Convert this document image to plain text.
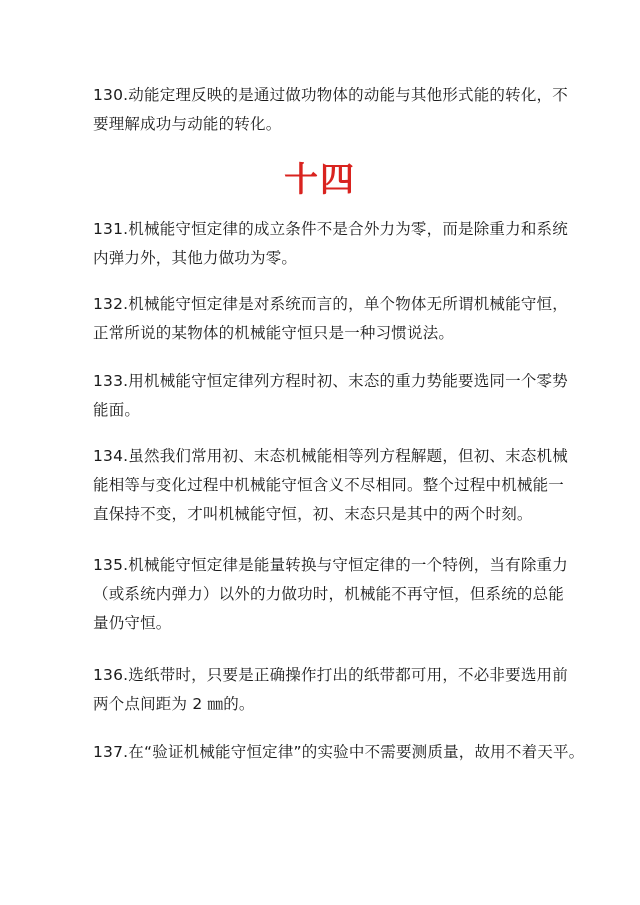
130.动能定理反映的是通过做功物体的动能与其他形式能的转化，不
要理解成功与动能的转化。

十四

131.机械能守恒定律的成立条件不是合外力为零，而是除重力和系统
内弹力外，其他力做功为零。

132.机械能守恒定律是对系统而言的，单个物体无所谓机械能守恒，
正常所说的某物体的机械能守恒只是一种习惯说法。

133.用机械能守恒定律列方程时初、末态的重力势能要选同一个零势
能面。

134.虽然我们常用初、末态机械能相等列方程解题，但初、末态机械
能相等与变化过程中机械能守恒含义不尽相同。整个过程中机械能一
直保持不变，才叫机械能守恒，初、末态只是其中的两个时刻。

135.机械能守恒定律是能量转换与守恒定律的一个特例，当有除重力
（或系统内弹力）以外的力做功时，机械能不再守恒，但系统的总能
量仍守恒。

136.选纸带时，只要是正确操作打出的纸带都可用，不必非要选用前
两个点间距为 2 ㎜的。

137.在“验证机械能守恒定律”的实验中不需要测质量，故用不着天平。
